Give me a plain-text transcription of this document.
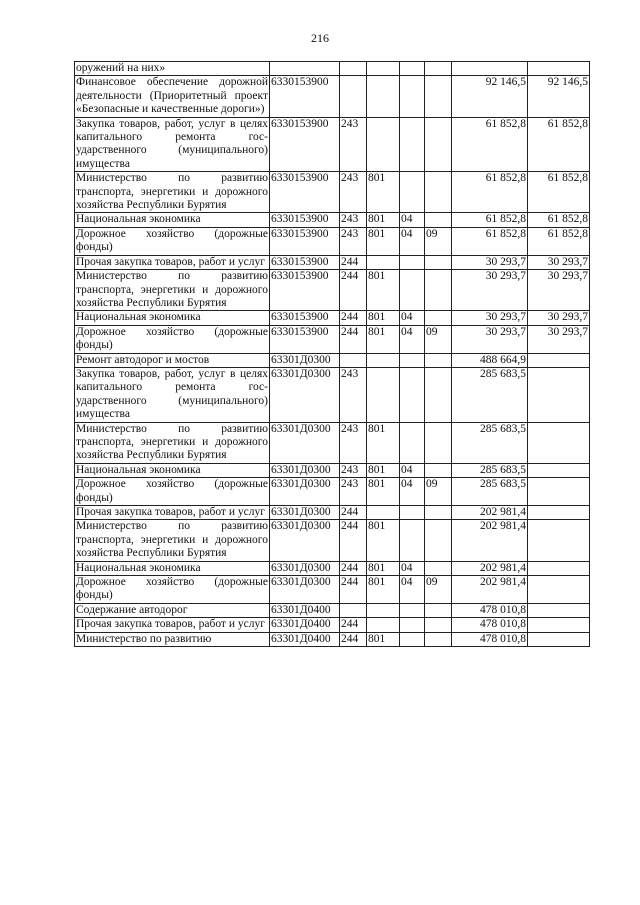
216
оружений на них»							
Финансовое обеспечение дорожной деятельности (Приоритетный проект «Безопасные и качественные дороги»)	6330153900					92 146,5	92 146,5
Закупка товаров, работ, услуг в целях капитального ремонта государственного (муниципального) имущества	6330153900	243				61 852,8	61 852,8
Министерство по развитию транспорта, энергетики и дорожного хозяйства Республики Бурятия	6330153900	243	801			61 852,8	61 852,8
Национальная экономика	6330153900	243	801	04		61 852,8	61 852,8
Дорожное хозяйство (дорожные фонды)	6330153900	243	801	04	09	61 852,8	61 852,8
Прочая закупка товаров, работ и услуг	6330153900	244				30 293,7	30 293,7
Министерство по развитию транспорта, энергетики и дорожного хозяйства Республики Бурятия	6330153900	244	801			30 293,7	30 293,7
Национальная экономика	6330153900	244	801	04		30 293,7	30 293,7
Дорожное хозяйство (дорожные фонды)	6330153900	244	801	04	09	30 293,7	30 293,7
Ремонт автодорог и мостов	63301Д0300					488 664,9	
Закупка товаров, работ, услуг в целях капитального ремонта государственного (муниципального) имущества	63301Д0300	243				285 683,5	
Министерство по развитию транспорта, энергетики и дорожного хозяйства Республики Бурятия	63301Д0300	243	801			285 683,5	
Национальная экономика	63301Д0300	243	801	04		285 683,5	
Дорожное хозяйство (дорожные фонды)	63301Д0300	243	801	04	09	285 683,5	
Прочая закупка товаров, работ и услуг	63301Д0300	244				202 981,4	
Министерство по развитию транспорта, энергетики и дорожного хозяйства Республики Бурятия	63301Д0300	244	801			202 981,4	
Национальная экономика	63301Д0300	244	801	04		202 981,4	
Дорожное хозяйство (дорожные фонды)	63301Д0300	244	801	04	09	202 981,4	
Содержание автодорог	63301Д0400					478 010,8	
Прочая закупка товаров, работ и услуг	63301Д0400	244				478 010,8	
Министерство по развитию	63301Д0400	244	801			478 010,8	
